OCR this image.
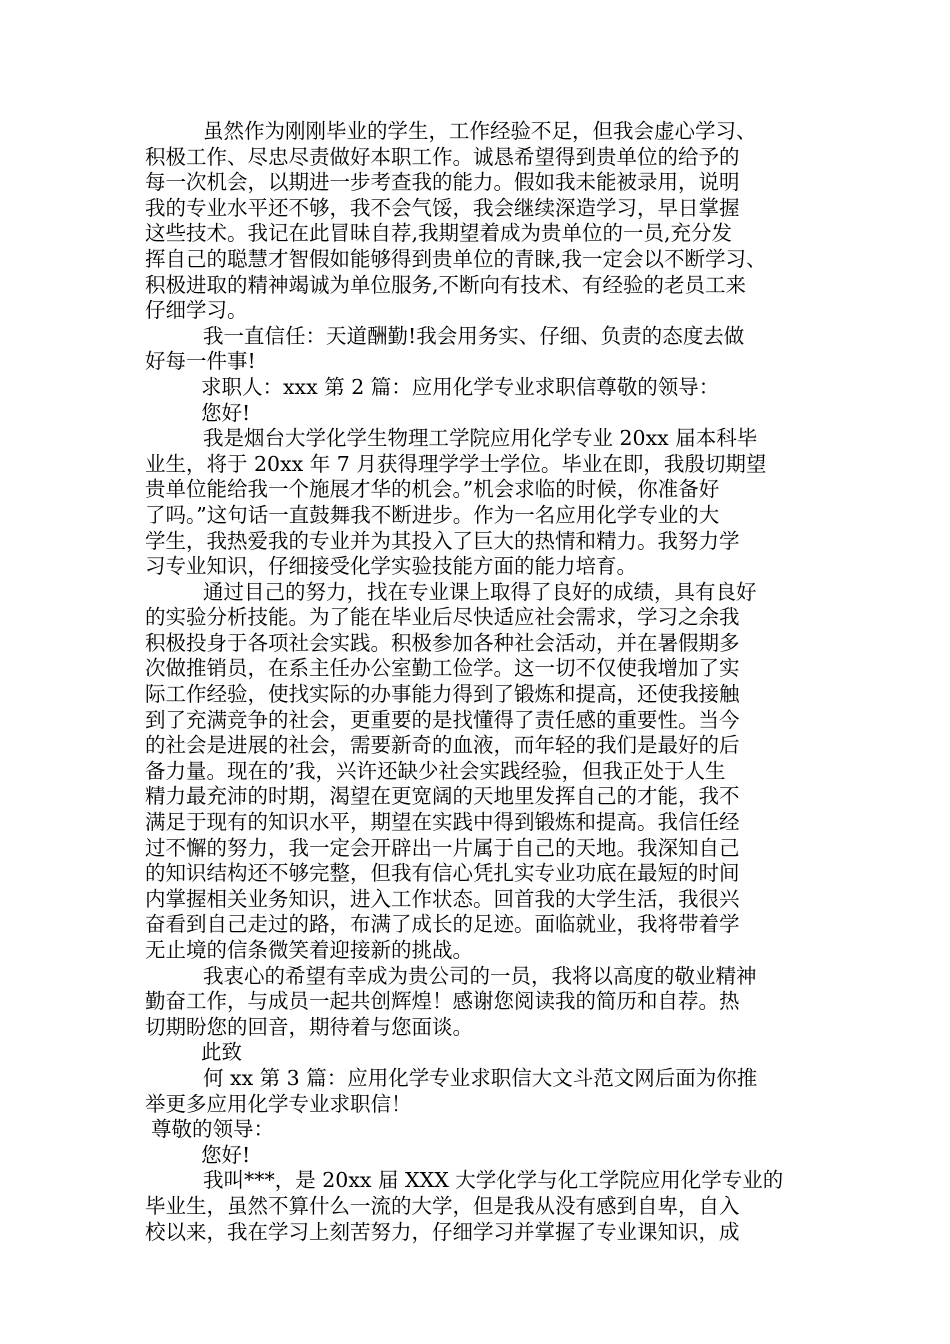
虽然作为刚刚毕业的学生，工作经验不足，但我会虚心学习、
积极工作、尽忠尽责做好本职工作。诚恳希望得到贵单位的给予的
每一次机会，以期进一步考查我的能力。假如我未能被录用，说明
我的专业水平还不够，我不会气馁，我会继续深造学习，早日掌握
这些技术。我记在此冒昧自荐,我期望着成为贵单位的一员,充分发
挥自己的聪慧才智假如能够得到贵单位的青睐,我一定会以不断学习、
积极进取的精神竭诚为单位服务,不断向有技术、有经验的老员工来
仔细学习。
我一直信任：天道酬勤!我会用务实、仔细、负责的态度去做
好每一件事!
求职人：xxx 第 2 篇：应用化学专业求职信尊敬的领导：
您好!
我是烟台大学化学生物理工学院应用化学专业 20xx 届本科毕
业生，将于 20xx 年 7 月获得理学学士学位。毕业在即，我殷切期望
贵单位能给我一个施展才华的机会。”机会求临的时候，你准备好
了吗。”这句话一直鼓舞我不断进步。作为一名应用化学专业的大
学生，我热爱我的专业并为其投入了巨大的热情和精力。我努力学
习专业知识，仔细接受化学实验技能方面的能力培育。
通过目己的努力，找在专业课上取得了良好的成绩，具有良好
的实验分析技能。为了能在毕业后尽快适应社会需求，学习之余我
积极投身于各项社会实践。积极参加各种社会活动，并在暑假期多
次做推销员，在系主任办公室勤工俭学。这一切不仅使我增加了实
际工作经验，使找实际的办事能力得到了锻炼和提高，还使我接触
到了充满竞争的社会，更重要的是找懂得了责任感的重要性。当今
的社会是进展的社会，需要新奇的血液，而年轻的我们是最好的后
备力量。现在的’我，兴许还缺少社会实践经验，但我正处于人生
精力最充沛的时期，渴望在更宽阔的天地里发挥自己的才能，我不
满足于现有的知识水平，期望在实践中得到锻炼和提高。我信任经
过不懈的努力，我一定会开辟出一片属于自己的天地。我深知自己
的知识结构还不够完整，但我有信心凭扎实专业功底在最短的时间
内掌握相关业务知识，进入工作状态。回首我的大学生活，我很兴
奋看到自己走过的路，布满了成长的足迹。面临就业，我将带着学
无止境的信条微笑着迎接新的挑战。
我衷心的希望有幸成为贵公司的一员，我将以高度的敬业精神
勤奋工作，与成员一起共创辉煌！感谢您阅读我的简历和自荐。热
切期盼您的回音，期待着与您面谈。
此致
何 xx 第 3 篇：应用化学专业求职信大文斗范文网后面为你推
举更多应用化学专业求职信！
尊敬的领导：
您好!
我叫***，是 20xx 届 XXX 大学化学与化工学院应用化学专业的
毕业生，虽然不算什么一流的大学，但是我从没有感到自卑，自入
校以来，我在学习上刻苦努力，仔细学习并掌握了专业课知识，成
